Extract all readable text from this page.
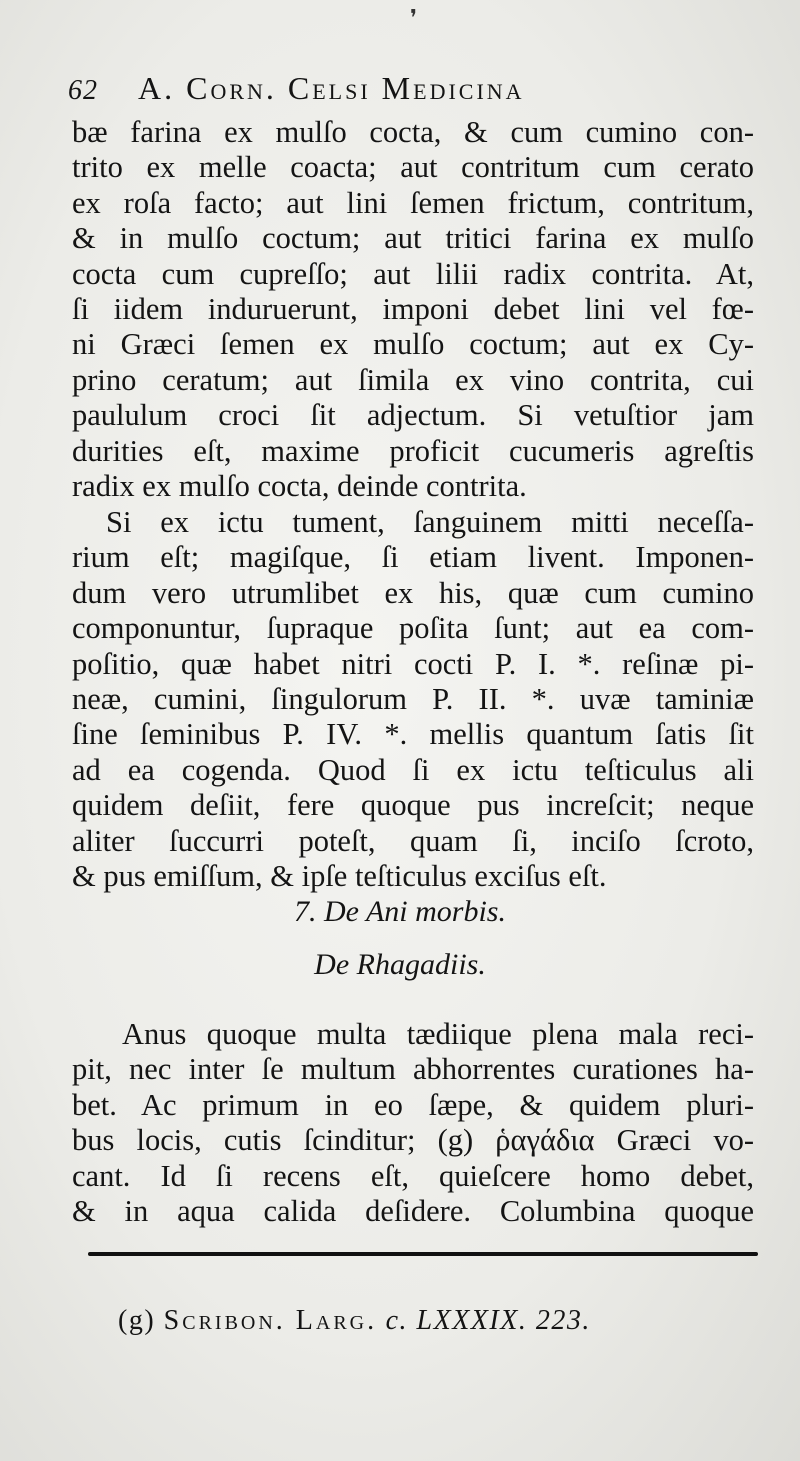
❜
62	A. Corn. Celsi Medicina
bæ farina ex mulſo cocta, & cum cumino con-
trito ex melle coacta; aut contritum cum cerato
ex roſa facto; aut lini ſemen frictum, contritum,
& in mulſo coctum; aut tritici farina ex mulſo
cocta cum cupreſſo; aut lilii radix contrita. At,
ſi iidem induruerunt, imponi debet lini vel fœ-
ni Græci ſemen ex mulſo coctum; aut ex Cy-
prino ceratum; aut ſimila ex vino contrita, cui
paululum croci ſit adjectum. Si vetuſtior jam
durities eſt, maxime proficit cucumeris agreſtis
radix ex mulſo cocta, deinde contrita.
Si ex ictu tument, ſanguinem mitti neceſſa-
rium eſt; magiſque, ſi etiam livent. Imponen-
dum vero utrumlibet ex his, quæ cum cumino
componuntur, ſupraque poſita ſunt; aut ea com-
poſitio, quæ habet nitri cocti P. I. *. reſinæ pi-
neæ, cumini, ſingulorum P. II. *. uvæ taminiæ
ſine ſeminibus P. IV. *. mellis quantum ſatis ſit
ad ea cogenda. Quod ſi ex ictu teſticulus ali
quidem deſiit, fere quoque pus increſcit; neque
aliter ſuccurri poteſt, quam ſi, inciſo ſcroto,
& pus emiſſum, & ipſe teſticulus exciſus eſt.
7. De Ani morbis.
De Rhagadiis.
Anus quoque multa tædiique plena mala reci-
pit, nec inter ſe multum abhorrentes curationes ha-
bet. Ac primum in eo ſæpe, & quidem pluri-
bus locis, cutis ſcinditur; (g) ῥαγάδια Græci vo-
cant. Id ſi recens eſt, quieſcere homo debet,
& in aqua calida deſidere. Columbina quoque
(g) Scribon. Larg. c. LXXXIX. 223.
